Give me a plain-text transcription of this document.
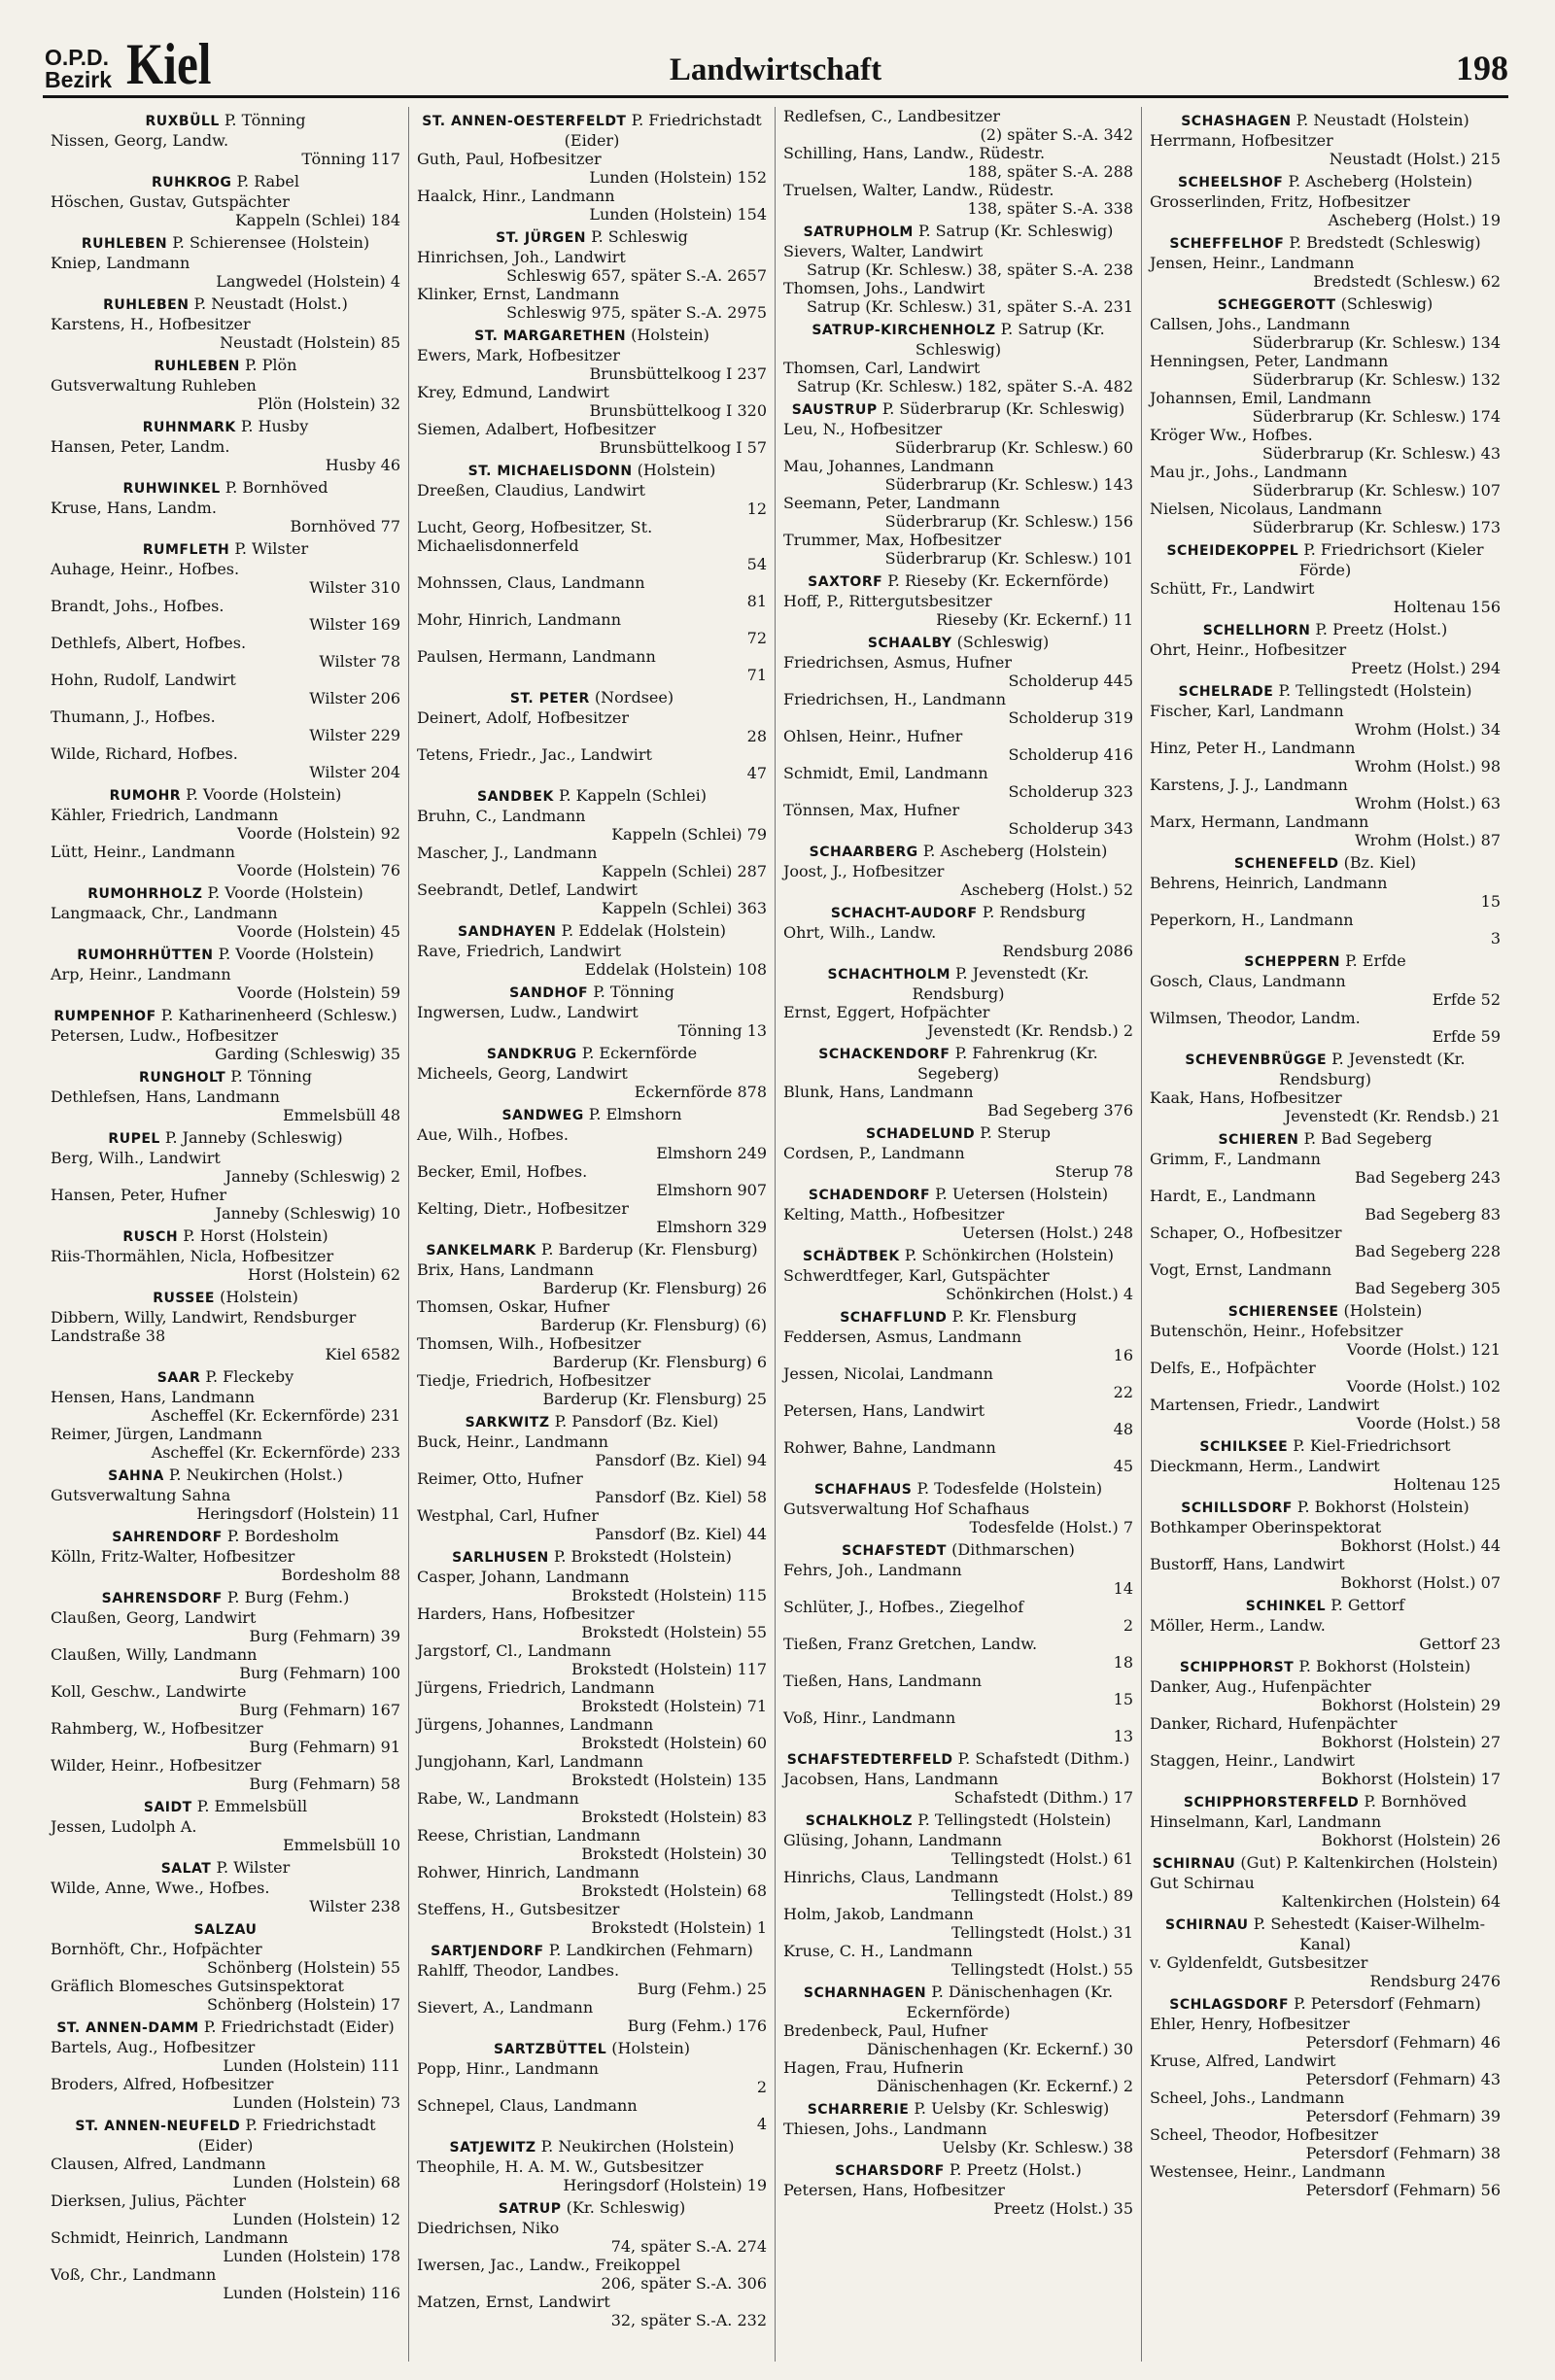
O.P.D.
Bezirk Kiel	Landwirtschaft	198
RUXBÜLL P. Tönning
Nissen, Georg, Landw.
Tönning 117
RUHKROG P. Rabel
Höschen, Gustav, Gutspächter
Kappeln (Schlei) 184
RUHLEBEN P. Schierensee (Holstein)
Kniep, Landmann
Langwedel (Holstein) 4
RUHLEBEN P. Neustadt (Holst.)
Karstens, H., Hofbesitzer
Neustadt (Holstein) 85
RUHLEBEN P. Plön
Gutsverwaltung Ruhleben
Plön (Holstein) 32
RUHNMARK P. Husby
Hansen, Peter, Landm.
Husby 46
RUHWINKEL P. Bornhöved
Kruse, Hans, Landm.
Bornhöved 77
RUMFLETH P. Wilster
Auhage, Heinr., Hofbes.
Wilster 310
Brandt, Johs., Hofbes.
Wilster 169
Dethlefs, Albert, Hofbes.
Wilster 78
Hohn, Rudolf, Landwirt
Wilster 206
Thumann, J., Hofbes.
Wilster 229
Wilde, Richard, Hofbes.
Wilster 204
RUMOHR P. Voorde (Holstein)
Kähler, Friedrich, Landmann
Voorde (Holstein) 92
Lütt, Heinr., Landmann
Voorde (Holstein) 76
RUMOHRHOLZ P. Voorde (Holstein)
Langmaack, Chr., Landmann
Voorde (Holstein) 45
RUMOHRHÜTTEN P. Voorde (Holstein)
Arp, Heinr., Landmann
Voorde (Holstein) 59
RUMPENHOF P. Katharinenheerd (Schlesw.)
Petersen, Ludw., Hofbesitzer
Garding (Schleswig) 35
RUNGHOLT P. Tönning
Dethlefsen, Hans, Landmann
Emmelsbüll 48
RUPEL P. Janneby (Schleswig)
Berg, Wilh., Landwirt
Janneby (Schleswig) 2
Hansen, Peter, Hufner
Janneby (Schleswig) 10
RUSCH P. Horst (Holstein)
Riis-Thormählen, Nicla, Hofbesitzer
Horst (Holstein) 62
RUSSEE (Holstein)
Dibbern, Willy, Landwirt, Rendsburger Landstraße 38
Kiel 6582
SAAR P. Fleckeby
Hensen, Hans, Landmann
Ascheffel (Kr. Eckernförde) 231
Reimer, Jürgen, Landmann
Ascheffel (Kr. Eckernförde) 233
SAHNA P. Neukirchen (Holst.)
Gutsverwaltung Sahna
Heringsdorf (Holstein) 11
SAHRENDORF P. Bordesholm
Kölln, Fritz-Walter, Hofbesitzer
Bordesholm 88
SAHRENSDORF P. Burg (Fehm.)
Claußen, Georg, Landwirt
Burg (Fehmarn) 39
Claußen, Willy, Landmann
Burg (Fehmarn) 100
Koll, Geschw., Landwirte
Burg (Fehmarn) 167
Rahmberg, W., Hofbesitzer
Burg (Fehmarn) 91
Wilder, Heinr., Hofbesitzer
Burg (Fehmarn) 58
SAIDT P. Emmelsbüll
Jessen, Ludolph A.
Emmelsbüll 10
SALAT P. Wilster
Wilde, Anne, Wwe., Hofbes.
Wilster 238
SALZAU
Bornhöft, Chr., Hofpächter
Schönberg (Holstein) 55
Gräflich Blomesches Gutsinspektorat
Schönberg (Holstein) 17
ST. ANNEN-DAMM P. Friedrichstadt (Eider)
Bartels, Aug., Hofbesitzer
Lunden (Holstein) 111
Broders, Alfred, Hofbesitzer
Lunden (Holstein) 73
ST. ANNEN-NEUFELD P. Friedrichstadt (Eider)
Clausen, Alfred, Landmann
Lunden (Holstein) 68
Dierksen, Julius, Pächter
Lunden (Holstein) 12
Schmidt, Heinrich, Landmann
Lunden (Holstein) 178
Voß, Chr., Landmann
Lunden (Holstein) 116
ST. ANNEN-OESTERFELDT P. Friedrichstadt (Eider)
Guth, Paul, Hofbesitzer
Lunden (Holstein) 152
Haalck, Hinr., Landmann
Lunden (Holstein) 154
ST. JÜRGEN P. Schleswig
Hinrichsen, Joh., Landwirt
Schleswig 657, später S.-A. 2657
Klinker, Ernst, Landmann
Schleswig 975, später S.-A. 2975
ST. MARGARETHEN (Holstein)
Ewers, Mark, Hofbesitzer
Brunsbüttelkoog I 237
Krey, Edmund, Landwirt
Brunsbüttelkoog I 320
Siemen, Adalbert, Hofbesitzer
Brunsbüttelkoog I 57
ST. MICHAELISDONN (Holstein)
Dreeßen, Claudius, Landwirt
12
Lucht, Georg, Hofbesitzer, St. Michaelisdonnerfeld
54
Mohnssen, Claus, Landmann
81
Mohr, Hinrich, Landmann
72
Paulsen, Hermann, Landmann
71
ST. PETER (Nordsee)
Deinert, Adolf, Hofbesitzer
28
Tetens, Friedr., Jac., Landwirt
47
SANDBEK P. Kappeln (Schlei)
Bruhn, C., Landmann
Kappeln (Schlei) 79
Mascher, J., Landmann
Kappeln (Schlei) 287
Seebrandt, Detlef, Landwirt
Kappeln (Schlei) 363
SANDHAYEN P. Eddelak (Holstein)
Rave, Friedrich, Landwirt
Eddelak (Holstein) 108
SANDHOF P. Tönning
Ingwersen, Ludw., Landwirt
Tönning 13
SANDKRUG P. Eckernförde
Micheels, Georg, Landwirt
Eckernförde 878
SANDWEG P. Elmshorn
Aue, Wilh., Hofbes.
Elmshorn 249
Becker, Emil, Hofbes.
Elmshorn 907
Kelting, Dietr., Hofbesitzer
Elmshorn 329
SANKELMARK P. Barderup (Kr. Flensburg)
Brix, Hans, Landmann
Barderup (Kr. Flensburg) 26
Thomsen, Oskar, Hufner
Barderup (Kr. Flensburg) (6)
Thomsen, Wilh., Hofbesitzer
Barderup (Kr. Flensburg) 6
Tiedje, Friedrich, Hofbesitzer
Barderup (Kr. Flensburg) 25
SARKWITZ P. Pansdorf (Bz. Kiel)
Buck, Heinr., Landmann
Pansdorf (Bz. Kiel) 94
Reimer, Otto, Hufner
Pansdorf (Bz. Kiel) 58
Westphal, Carl, Hufner
Pansdorf (Bz. Kiel) 44
SARLHUSEN P. Brokstedt (Holstein)
Casper, Johann, Landmann
Brokstedt (Holstein) 115
Harders, Hans, Hofbesitzer
Brokstedt (Holstein) 55
Jargstorf, Cl., Landmann
Brokstedt (Holstein) 117
Jürgens, Friedrich, Landmann
Brokstedt (Holstein) 71
Jürgens, Johannes, Landmann
Brokstedt (Holstein) 60
Jungjohann, Karl, Landmann
Brokstedt (Holstein) 135
Rabe, W., Landmann
Brokstedt (Holstein) 83
Reese, Christian, Landmann
Brokstedt (Holstein) 30
Rohwer, Hinrich, Landmann
Brokstedt (Holstein) 68
Steffens, H., Gutsbesitzer
Brokstedt (Holstein) 1
SARTJENDORF P. Landkirchen (Fehmarn)
Rahlff, Theodor, Landbes.
Burg (Fehm.) 25
Sievert, A., Landmann
Burg (Fehm.) 176
SARTZBÜTTEL (Holstein)
Popp, Hinr., Landmann
2
Schnepel, Claus, Landmann
4
SATJEWITZ P. Neukirchen (Holstein)
Theophile, H. A. M. W., Gutsbesitzer
Heringsdorf (Holstein) 19
SATRUP (Kr. Schleswig)
Diedrichsen, Niko
74, später S.-A. 274
Iwersen, Jac., Landw., Freikoppel
206, später S.-A. 306
Matzen, Ernst, Landwirt
32, später S.-A. 232
Redlefsen, C., Landbesitzer
(2) später S.-A. 342
Schilling, Hans, Landw., Rüdestr.
188, später S.-A. 288
Truelsen, Walter, Landw., Rüdestr.
138, später S.-A. 338
SATRUPHOLM P. Satrup (Kr. Schleswig)
Sievers, Walter, Landwirt
Satrup (Kr. Schlesw.) 38, später S.-A. 238
Thomsen, Johs., Landwirt
Satrup (Kr. Schlesw.) 31, später S.-A. 231
SATRUP-KIRCHENHOLZ P. Satrup (Kr. Schleswig)
Thomsen, Carl, Landwirt
Satrup (Kr. Schlesw.) 182, später S.-A. 482
SAUSTRUP P. Süderbrarup (Kr. Schleswig)
Leu, N., Hofbesitzer
Süderbrarup (Kr. Schlesw.) 60
Mau, Johannes, Landmann
Süderbrarup (Kr. Schlesw.) 143
Seemann, Peter, Landmann
Süderbrarup (Kr. Schlesw.) 156
Trummer, Max, Hofbesitzer
Süderbrarup (Kr. Schlesw.) 101
SAXTORF P. Rieseby (Kr. Eckernförde)
Hoff, P., Rittergutsbesitzer
Rieseby (Kr. Eckernf.) 11
SCHAALBY (Schleswig)
Friedrichsen, Asmus, Hufner
Scholderup 445
Friedrichsen, H., Landmann
Scholderup 319
Ohlsen, Heinr., Hufner
Scholderup 416
Schmidt, Emil, Landmann
Scholderup 323
Tönnsen, Max, Hufner
Scholderup 343
SCHAARBERG P. Ascheberg (Holstein)
Joost, J., Hofbesitzer
Ascheberg (Holst.) 52
SCHACHT-AUDORF P. Rendsburg
Ohrt, Wilh., Landw.
Rendsburg 2086
SCHACHTHOLM P. Jevenstedt (Kr. Rendsburg)
Ernst, Eggert, Hofpächter
Jevenstedt (Kr. Rendsb.) 2
SCHACKENDORF P. Fahrenkrug (Kr. Segeberg)
Blunk, Hans, Landmann
Bad Segeberg 376
SCHADELUND P. Sterup
Cordsen, P., Landmann
Sterup 78
SCHADENDORF P. Uetersen (Holstein)
Kelting, Matth., Hofbesitzer
Uetersen (Holst.) 248
SCHÄDTBEK P. Schönkirchen (Holstein)
Schwerdtfeger, Karl, Gutspächter
Schönkirchen (Holst.) 4
SCHAFFLUND P. Kr. Flensburg
Feddersen, Asmus, Landmann
16
Jessen, Nicolai, Landmann
22
Petersen, Hans, Landwirt
48
Rohwer, Bahne, Landmann
45
SCHAFHAUS P. Todesfelde (Holstein)
Gutsverwaltung Hof Schafhaus
Todesfelde (Holst.) 7
SCHAFSTEDT (Dithmarschen)
Fehrs, Joh., Landmann
14
Schlüter, J., Hofbes., Ziegelhof
2
Tießen, Franz Gretchen, Landw.
18
Tießen, Hans, Landmann
15
Voß, Hinr., Landmann
13
SCHAFSTEDTERFELD P. Schafstedt (Dithm.)
Jacobsen, Hans, Landmann
Schafstedt (Dithm.) 17
SCHALKHOLZ P. Tellingstedt (Holstein)
Glüsing, Johann, Landmann
Tellingstedt (Holst.) 61
Hinrichs, Claus, Landmann
Tellingstedt (Holst.) 89
Holm, Jakob, Landmann
Tellingstedt (Holst.) 31
Kruse, C. H., Landmann
Tellingstedt (Holst.) 55
SCHARNHAGEN P. Dänischenhagen (Kr. Eckernförde)
Bredenbeck, Paul, Hufner
Dänischenhagen (Kr. Eckernf.) 30
Hagen, Frau, Hufnerin
Dänischenhagen (Kr. Eckernf.) 2
SCHARRERIE P. Uelsby (Kr. Schleswig)
Thiesen, Johs., Landmann
Uelsby (Kr. Schlesw.) 38
SCHARSDORF P. Preetz (Holst.)
Petersen, Hans, Hofbesitzer
Preetz (Holst.) 35
SCHASHAGEN P. Neustadt (Holstein)
Herrmann, Hofbesitzer
Neustadt (Holst.) 215
SCHEELSHOF P. Ascheberg (Holstein)
Grosserlinden, Fritz, Hofbesitzer
Ascheberg (Holst.) 19
SCHEFFELHOF P. Bredstedt (Schleswig)
Jensen, Heinr., Landmann
Bredstedt (Schlesw.) 62
SCHEGGEROTT (Schleswig)
Callsen, Johs., Landmann
Süderbrarup (Kr. Schlesw.) 134
Henningsen, Peter, Landmann
Süderbrarup (Kr. Schlesw.) 132
Johannsen, Emil, Landmann
Süderbrarup (Kr. Schlesw.) 174
Kröger Ww., Hofbes.
Süderbrarup (Kr. Schlesw.) 43
Mau jr., Johs., Landmann
Süderbrarup (Kr. Schlesw.) 107
Nielsen, Nicolaus, Landmann
Süderbrarup (Kr. Schlesw.) 173
SCHEIDEKOPPEL P. Friedrichsort (Kieler Förde)
Schütt, Fr., Landwirt
Holtenau 156
SCHELLHORN P. Preetz (Holst.)
Ohrt, Heinr., Hofbesitzer
Preetz (Holst.) 294
SCHELRADE P. Tellingstedt (Holstein)
Fischer, Karl, Landmann
Wrohm (Holst.) 34
Hinz, Peter H., Landmann
Wrohm (Holst.) 98
Karstens, J. J., Landmann
Wrohm (Holst.) 63
Marx, Hermann, Landmann
Wrohm (Holst.) 87
SCHENEFELD (Bz. Kiel)
Behrens, Heinrich, Landmann
15
Peperkorn, H., Landmann
3
SCHEPPERN P. Erfde
Gosch, Claus, Landmann
Erfde 52
Wilmsen, Theodor, Landm.
Erfde 59
SCHEVENBRÜGGE P. Jevenstedt (Kr. Rendsburg)
Kaak, Hans, Hofbesitzer
Jevenstedt (Kr. Rendsb.) 21
SCHIEREN P. Bad Segeberg
Grimm, F., Landmann
Bad Segeberg 243
Hardt, E., Landmann
Bad Segeberg 83
Schaper, O., Hofbesitzer
Bad Segeberg 228
Vogt, Ernst, Landmann
Bad Segeberg 305
SCHIERENSEE (Holstein)
Butenschön, Heinr., Hofebsitzer
Voorde (Holst.) 121
Delfs, E., Hofpächter
Voorde (Holst.) 102
Martensen, Friedr., Landwirt
Voorde (Holst.) 58
SCHILKSEE P. Kiel-Friedrichsort
Dieckmann, Herm., Landwirt
Holtenau 125
SCHILLSDORF P. Bokhorst (Holstein)
Bothkamper Oberinspektorat
Bokhorst (Holst.) 44
Bustorff, Hans, Landwirt
Bokhorst (Holst.) 07
SCHINKEL P. Gettorf
Möller, Herm., Landw.
Gettorf 23
SCHIPPHORST P. Bokhorst (Holstein)
Danker, Aug., Hufenpächter
Bokhorst (Holstein) 29
Danker, Richard, Hufenpächter
Bokhorst (Holstein) 27
Staggen, Heinr., Landwirt
Bokhorst (Holstein) 17
SCHIPPHORSTERFELD P. Bornhöved
Hinselmann, Karl, Landmann
Bokhorst (Holstein) 26
SCHIRNAU (Gut) P. Kaltenkirchen (Holstein)
Gut Schirnau
Kaltenkirchen (Holstein) 64
SCHIRNAU P. Sehestedt (Kaiser-Wilhelm-Kanal)
v. Gyldenfeldt, Gutsbesitzer
Rendsburg 2476
SCHLAGSDORF P. Petersdorf (Fehmarn)
Ehler, Henry, Hofbesitzer
Petersdorf (Fehmarn) 46
Kruse, Alfred, Landwirt
Petersdorf (Fehmarn) 43
Scheel, Johs., Landmann
Petersdorf (Fehmarn) 39
Scheel, Theodor, Hofbesitzer
Petersdorf (Fehmarn) 38
Westensee, Heinr., Landmann
Petersdorf (Fehmarn) 56
